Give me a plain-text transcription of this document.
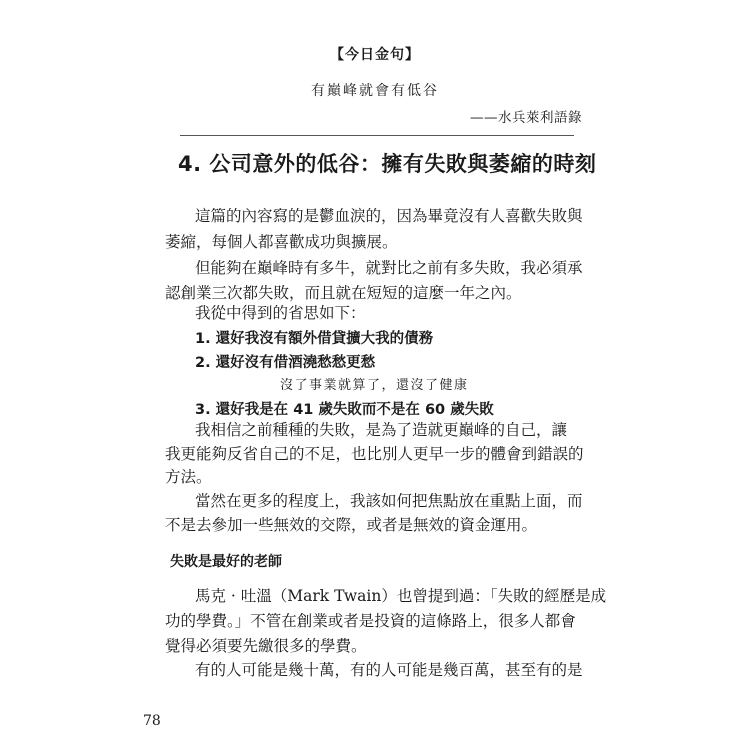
【今日金句】
有巔峰就會有低谷
——水兵萊利語錄
4. 公司意外的低谷：擁有失敗與萎縮的時刻
這篇的內容寫的是鬱血淚的，因為畢竟沒有人喜歡失敗與
萎縮，每個人都喜歡成功與擴展。
但能夠在巔峰時有多牛，就對比之前有多失敗，我必須承
認創業三次都失敗，而且就在短短的這麼一年之內。
我從中得到的省思如下：
1. 還好我沒有額外借貸擴大我的債務
2. 還好沒有借酒澆愁愁更愁
沒了事業就算了，還沒了健康
3. 還好我是在 41 歲失敗而不是在 60 歲失敗
我相信之前種種的失敗，是為了造就更巔峰的自己，讓
我更能夠反省自己的不足，也比別人更早一步的體會到錯誤的
方法。
當然在更多的程度上，我該如何把焦點放在重點上面，而
不是去參加一些無效的交際，或者是無效的資金運用。
失敗是最好的老師
馬克 · 吐溫（Mark Twain）也曾提到過：「失敗的經歷是成
功的學費。」不管在創業或者是投資的這條路上，很多人都會
覺得必須要先繳很多的學費。
有的人可能是幾十萬，有的人可能是幾百萬，甚至有的是
78
